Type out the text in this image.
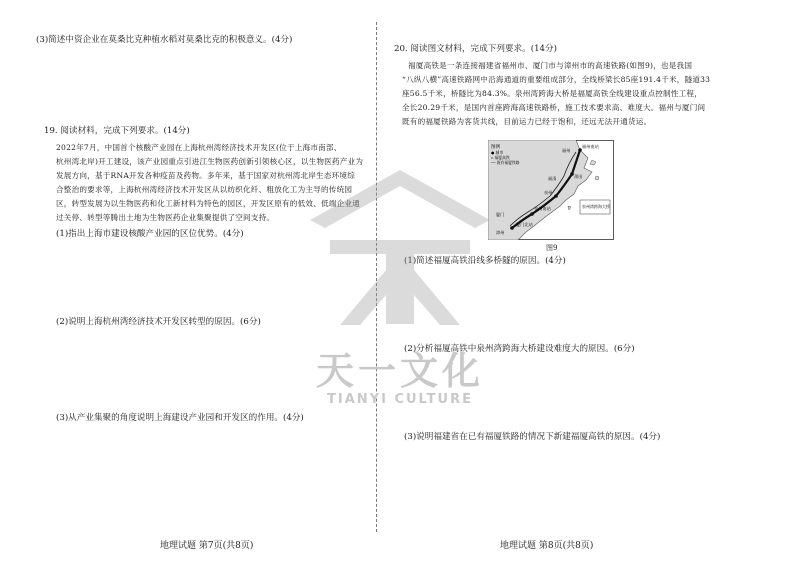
(3)简述中资企业在莫桑比克种植水稻对莫桑比克的积极意义。(4分)
19. 阅读材料，完成下列要求。(14分)
2022年7月，中国首个核酸产业园在上海杭州湾经济技术开发区(位于上海市南部、
杭州湾北岸)开工建设，该产业园重点引进江生物医药创新引领核心区，以生物医药产业为
发展方向，基于RNA开发各种疫苗及药物。多年来，基于国家对杭州湾北岸生态环境综
合整治的要求等，上海杭州湾经济技术开发区从以纺织化纤、粗放化工为主导的传统园
区，转型发展为以生物医药和化工新材料为特色的园区，开发区原有的低效、低端企业通
过关停、转型等腾出土地为生物医药企业集聚提供了空间支持。
(1)指出上海市建设核酸产业园的区位优势。(4分)
(2)说明上海杭州湾经济技术开发区转型的原因。(6分)
(3)从产业集聚的角度说明上海建设产业园和开发区的作用。(4分)
地理试题 第7页(共8页)
20. 阅读图文材料，完成下列要求。(14分)
福厦高铁是一条连接福建省福州市、厦门市与漳州市的高速铁路(如图9)，也是我国
“八纵八横”高速铁路网中沿海通道的重要组成部分，全线桥梁长85座191.4千米，隧道33
座56.5千米，桥隧比为84.3%。泉州湾跨海大桥是福厦高铁全线建设重点控制性工程，
全长20.29千米，是国内首座跨海高速铁路桥，施工技术要求高、难度大。福州与厦门间
既有的福厦铁路为客货共线，目前运力已经于饱和，还远无法开通货运。
(1)简述福厦高铁沿线多桥隧的原因。(4分)
(2)分析福厦高铁中泉州湾跨海大桥建设难度大的原因。(6分)
(3)说明福建省在已有福厦铁路的情况下新建福厦高铁的原因。(4分)
地理试题 第8页(共8页)
图例
● 城市
═ 福厦高铁
── 既有福厦铁路
福州南站
福州
莆田
泉州
厦门
漳州
福清
泉州南站
厦门北站
泉州湾跨海大桥
图9
天一文化
TIANYI CULTURE
